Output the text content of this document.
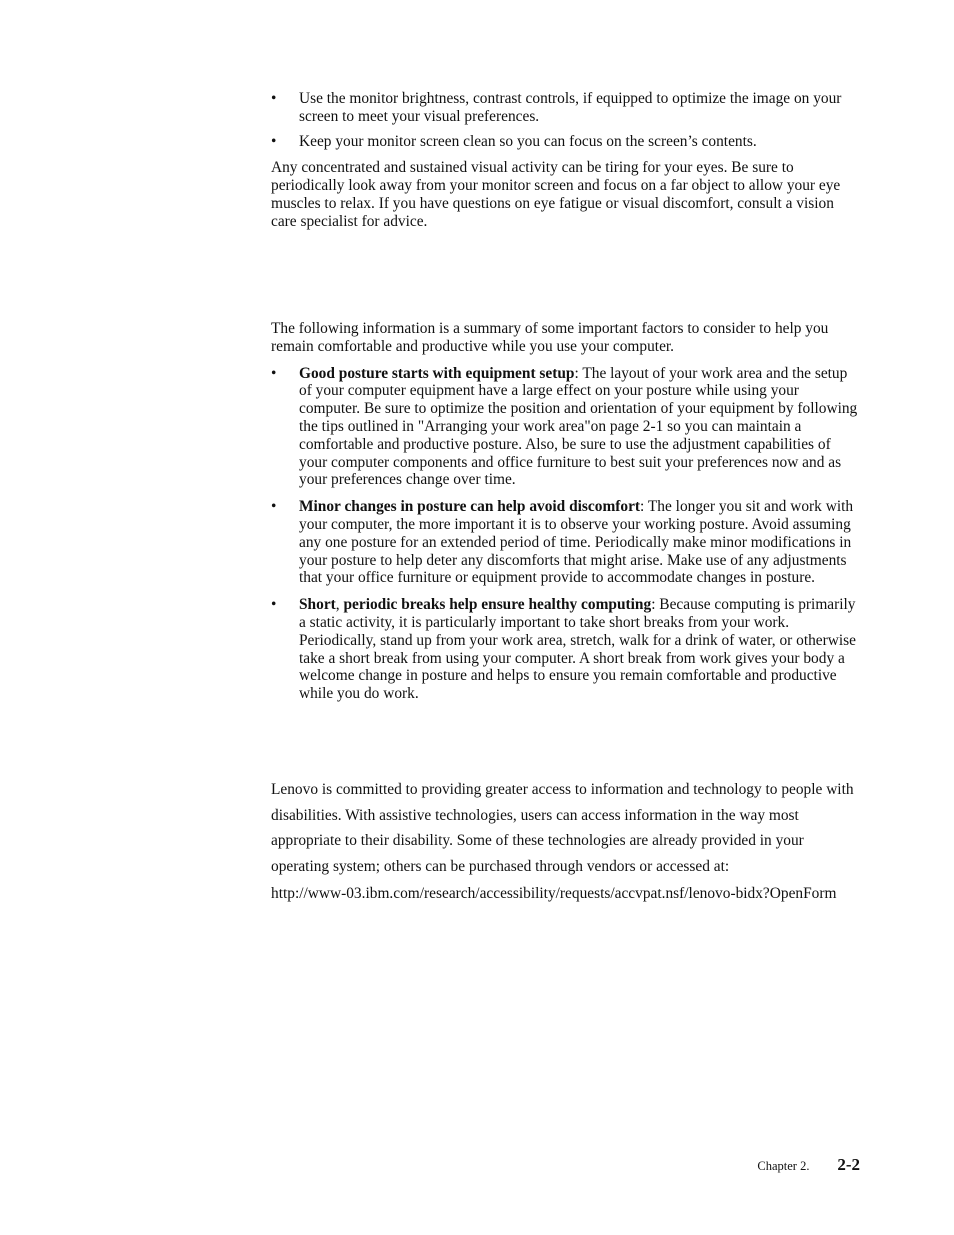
•	Use the monitor brightness, contrast controls, if equipped to optimize the image on your screen to meet your visual preferences.
•	Keep your monitor screen clean so you can focus on the screen’s contents.

Any concentrated and sustained visual activity can be tiring for your eyes. Be sure to periodically look away from your monitor screen and focus on a far object to allow your eye muscles to relax. If you have questions on eye fatigue or visual discomfort, consult a vision care specialist for advice.

The following information is a summary of some important factors to consider to help you remain comfortable and productive while you use your computer.

•	Good posture starts with equipment setup: The layout of your work area and the setup of your computer equipment have a large effect on your posture while using your computer. Be sure to optimize the position and orientation of your equipment by following the tips outlined in "Arranging your work area"on page 2-1 so you can maintain a comfortable and productive posture. Also, be sure to use the adjustment capabilities of your computer components and office furniture to best suit your preferences now and as your preferences change over time.
•	Minor changes in posture can help avoid discomfort: The longer you sit and work with your computer, the more important it is to observe your working posture. Avoid assuming any one posture for an extended period of time. Periodically make minor modifications in your posture to help deter any discomforts that might arise. Make use of any adjustments that your office furniture or equipment provide to accommodate changes in posture.
•	Short, periodic breaks help ensure healthy computing: Because computing is primarily a static activity, it is particularly important to take short breaks from your work. Periodically, stand up from your work area, stretch, walk for a drink of water, or otherwise take a short break from using your computer. A short break from work gives your body a welcome change in posture and helps to ensure you remain comfortable and productive while you do work.

Lenovo is committed to providing greater access to information and technology to people with disabilities. With assistive technologies, users can access information in the way most appropriate to their disability. Some of these technologies are already provided in your operating system; others can be purchased through vendors or accessed at:

http://www-03.ibm.com/research/accessibility/requests/accvpat.nsf/lenovo-bidx?OpenForm

Chapter 2. 2-2
